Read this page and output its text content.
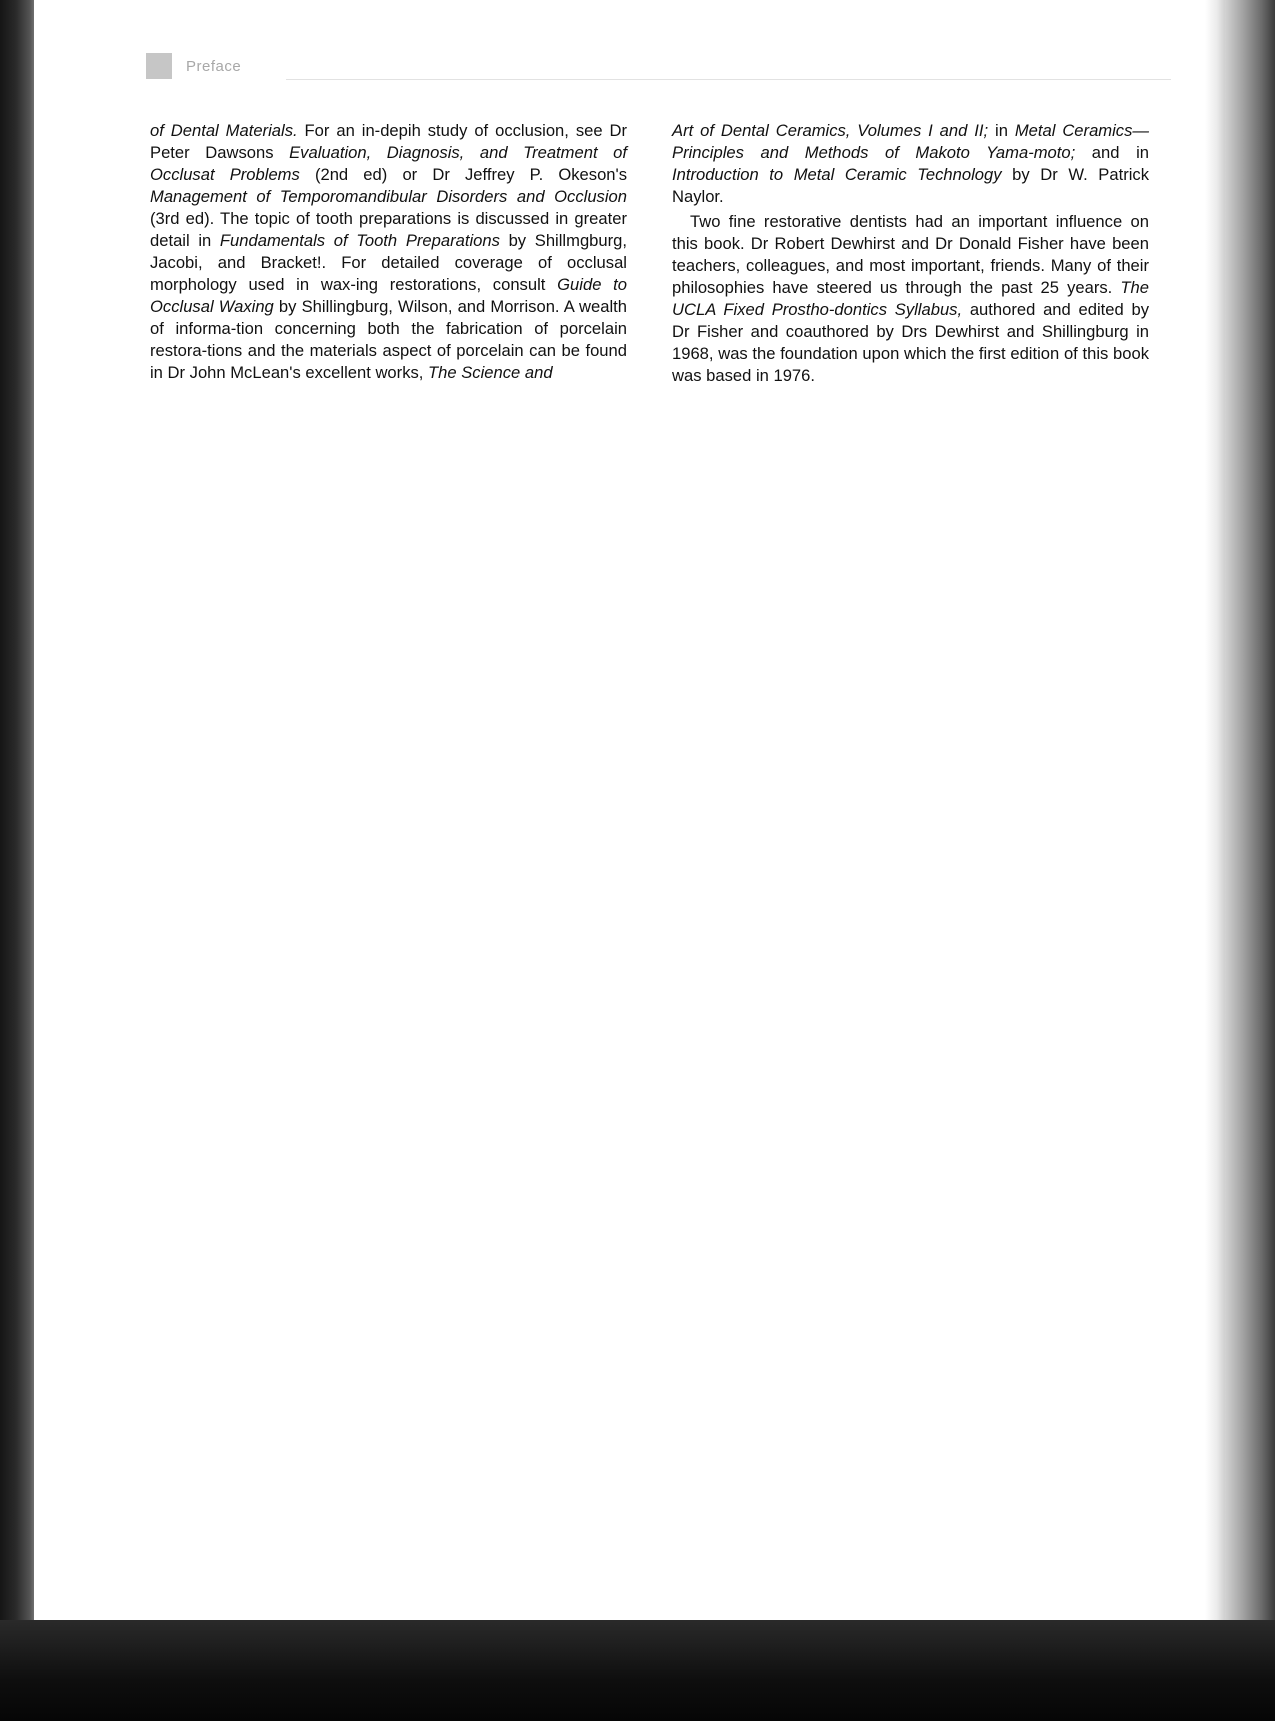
Preface

of Dental Materials. For an in-depih study of occlusion, see Dr Peter Dawsons Evaluation, Diagnosis, and Treatment of Occlusat Problems (2nd ed) or Dr Jeffrey P. Okeson's Management of Temporomandibular Disorders and Occlusion (3rd ed). The topic of tooth preparations is discussed in greater detail in Fundamentals of Tooth Preparations by Shillmgburg, Jacobi, and Bracket!. For detailed coverage of occlusal morphology used in wax-ing restorations, consult Guide to Occlusal Waxing by Shillingburg, Wilson, and Morrison. A wealth of informa-tion concerning both the fabrication of porcelain restora-tions and the materials aspect of porcelain can be found in Dr John McLean's excellent works, The Science and

Art of Dental Ceramics, Volumes I and II; in Metal Ceramics—Principles and Methods of Makoto Yama-moto; and in Introduction to Metal Ceramic Technology by Dr W. Patrick Naylor.

Two fine restorative dentists had an important influence on this book. Dr Robert Dewhirst and Dr Donald Fisher have been teachers, colleagues, and most important, friends. Many of their philosophies have steered us through the past 25 years. The UCLA Fixed Prostho-dontics Syllabus, authored and edited by Dr Fisher and coauthored by Drs Dewhirst and Shillingburg in 1968, was the foundation upon which the first edition of this book was based in 1976.
